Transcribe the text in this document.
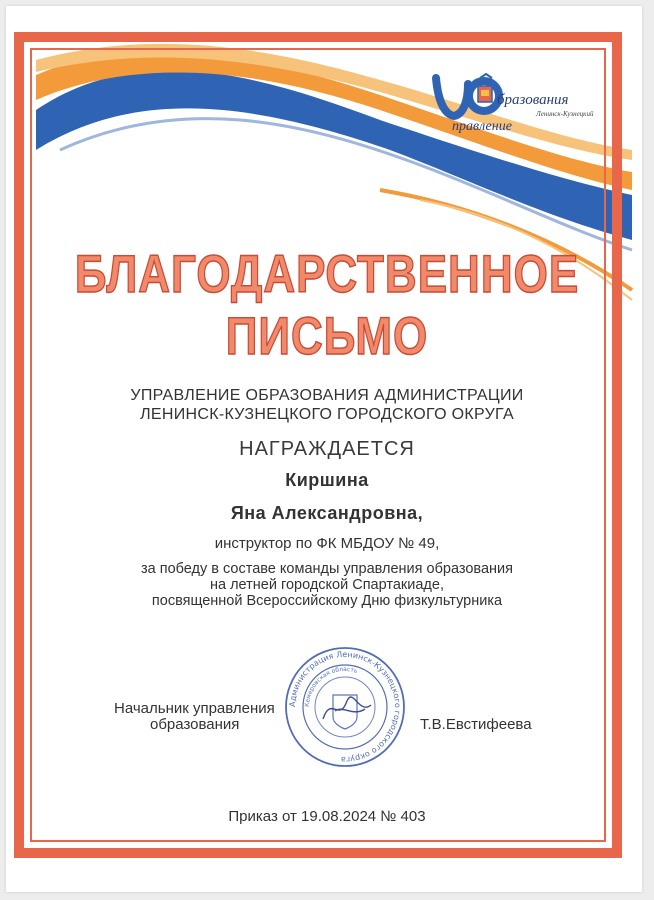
бразования
Ленинск-Кузнецкий
правление
БЛАГОДАРСТВЕННОЕ
ПИСЬМО
УПРАВЛЕНИЕ ОБРАЗОВАНИЯ АДМИНИСТРАЦИИ
ЛЕНИНСК-КУЗНЕЦКОГО ГОРОДСКОГО ОКРУГА
НАГРАЖДАЕТСЯ
Киршина
Яна Александровна,
инструктор по ФК МБДОУ № 49,
за победу в составе команды управления образования
на летней городской Спартакиаде,
посвященной Всероссийскому Дню физкультурника
Начальник управления
образования	Т.В.Евстифеева
Администрация Ленинск-Кузнецкого городского округа
Кемеровская область
Приказ от 19.08.2024 № 403
